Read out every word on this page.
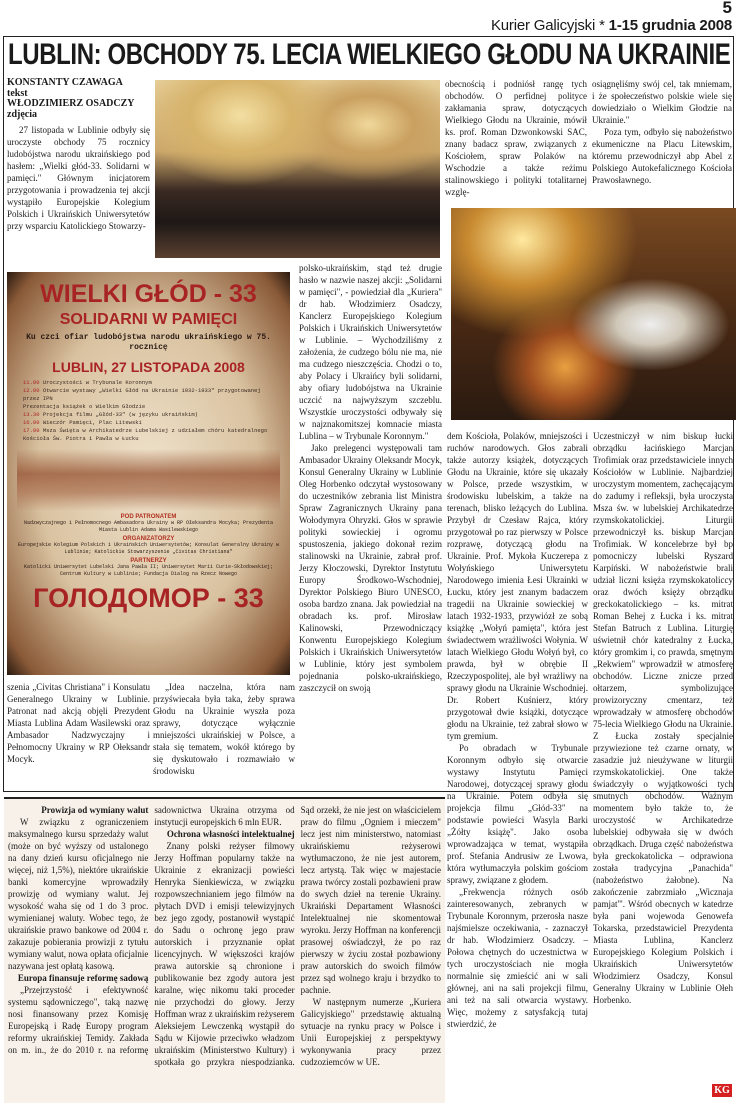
5
Kurier Galicyjski * 1-15 grudnia 2008
LUBLIN: OBCHODY 75. LECIA WIELKIEGO GŁODU NA UKRAINIE
KONSTANTY CZAWAGA
tekst
WŁODZIMIERZ OSADCZY
zdjęcia

27 listopada w Lublinie odbyły się uroczyste obchody 75 rocznicy ludobójstwa narodu ukraińskiego pod hasłem: „Wielki głód-33. Solidarni w pamięci." Głównym inicjatorem przygotowania i prowadzenia tej akcji wystąpiło Europejskie Kolegium Polskich i Ukraińskich Uniwersytetów przy wsparciu Katolickiego Stowarzy-

obecnością i podniósł rangę tych obchodów. O perfidnej polityce zakłamania spraw, dotyczących Wielkiego Głodu na Ukrainie, mówił ks. prof. Roman Dzwonkowski SAC, znany badacz spraw, związanych z Kościołem, spraw Polaków na Wschodzie a także reżimu stalinowskiego i polityki totalitarnej wzglę-

osiągnęliśmy swój cel, tak mniemam, i że społeczeństwo polskie wiele się dowiedziało o Wielkim Głodzie na Ukrainie."

Poza tym, odbyło się nabożeństwo ekumeniczne na Placu Litewskim, któremu przewodniczył abp Abel z Polskiego Autokefalicznego Kościoła Prawosławnego.

WIELKI GŁÓD - 33
SOLIDARNI W PAMIĘCI
Ku czci ofiar ludobójstwa narodu ukraińskiego w 75. rocznicę
LUBLIN, 27 LISTOPADA 2008
11.00 Uroczystości w Trybunale Koronnym
12.00 Otwarcie wystawy „Wielki Głód na Ukrainie 1932-1933" przygotowanej przez IPN
Prezentacja książek o Wielkim Głodzie
13.30 Projekcja filmu „Głód-33" (w języku ukraińskim)
16.00 Wieczór Pamięci, Plac Litewski
17.00 Msza Święta w Archikatedrze Lubelskiej z udziałem chóru katedralnego
Kościoła Św. Piotra i Pawła w Łucku
POD PATRONATEM
Nadzwyczajnego i Pełnomocnego Ambasadora Ukrainy w RP Ołeksandra Mocyka; Prezydenta Miasta Lublin Adama Wasilewskiego
ORGANIZATORZY
Europejskie Kolegium Polskich i Ukraińskich Uniwersytetów; Konsulat Generalny Ukrainy w Lublinie; Katolickie Stowarzyszenie „Civitas Christiana"
PARTNERZY
Katolicki Uniwersytet Lubelski Jana Pawła II; Uniwersytet Marii Curie-Skłodowskiej; Centrum Kultury w Lublinie; Fundacja Dialog na Rzecz Nowego
ГОЛОДОМОР - 33

polsko-ukraińskim, stąd też drugie hasło w nazwie naszej akcji: „Solidarni w pamięci", - powiedział dla „Kuriera" dr hab. Włodzimierz Osadczy, Kanclerz Europejskiego Kolegium Polskich i Ukraińskich Uniwersytetów w Lublinie. – Wychodziliśmy z założenia, że cudzego bólu nie ma, nie ma cudzego nieszczęścia. Chodzi o to, aby Polacy i Ukraińcy byli solidarni, aby ofiary ludobójstwa na Ukrainie uczcić na najwyższym szczeblu. Wszystkie uroczystości odbywały się w najznakomitszej komnacie miasta Lublina – w Trybunale Koronnym."

Jako prelegenci występowali tam Ambasador Ukrainy Oleksandr Mocyk, Konsul Generalny Ukrainy w Lublinie Oleg Horbenko odczytał wystosowany do uczestników zebrania list Ministra Spraw Zagranicznych Ukrainy pana Wołodymyra Ohryzki. Głos w sprawie polityki sowieckiej i ogromu spustoszenia, jakiego dokonał rezim stalinowski na Ukrainie, zabrał prof. Jerzy Kłoczowski, Dyrektor Instytutu Europy Środkowo-Wschodniej, Dyrektor Polskiego Biuro UNESCO, osoba bardzo znana. Jak powiedział na obradach ks. prof. Mirosław Kalinowski, Przewodniczący Konwentu Europejskiego Kolegium Polskich i Ukraińskich Uniwersytetów w Lublinie, który jest symbolem pojednania polsko-ukraińskiego, zaszczycił on swoją

szenia „Civitas Christiana" i Konsulatu Generalnego Ukrainy w Lublinie. Patronat nad akcją objęli Prezydent Miasta Lublina Adam Wasilewski oraz Ambasador Nadzwyczajny i Pełnomocny Ukrainy w RP Ołeksandr Mocyk.

„Idea naczelna, która nam przyświecała była taka, żeby sprawa Głodu na Ukrainie wyszła poza sprawy, dotyczące wyłącznie mniejszości ukraińskiej w Polsce, a stała się tematem, wokół którego by się dyskutowało i rozmawiało w środowisku

dem Kościoła, Polaków, mniejszości i ruchów narodowych. Głos zabrali także autorzy książek, dotyczących Głodu na Ukrainie, które się ukazały w Polsce, przede wszystkim, w środowisku lubelskim, a także na terenach, blisko leżących do Lublina. Przybył dr Czesław Rajca, który przygotował po raz pierwszy w Polsce rozprawę, dotyczącą głodu na Ukrainie. Prof. Mykoła Kuczerepa z Wołyńskiego Uniwersytetu Narodowego imienia Łesi Ukrainki w Łucku, który jest znanym badaczem tragedii na Ukrainie sowieckiej w latach 1932-1933, przywiózł ze sobą książkę „Wołyń pamięta", która jest świadectwem wrażliwości Wołynia. W latach Wielkiego Głodu Wołyń był, co prawda, był w obrębie II Rzeczypospolitej, ale był wrażliwy na sprawy głodu na Ukrainie Wschodniej. Dr. Robert Kuśnierz, który przygotował dwie książki, dotyczące głodu na Ukrainie, też zabrał słowo w tym gremium.

Po obradach w Trybunale Koronnym odbyło się otwarcie wystawy Instytutu Pamięci Narodowej, dotyczącej sprawy głodu na Ukrainie. Potem odbyła się projekcja filmu „Głód-33" na podstawie powieści Wasyla Barki „Żółty książę". Jako osoba wprowadzająca w temat, wystąpiła prof. Stefania Andrusiw ze Lwowa, która wytłumaczyła polskim gościom sprawy, związane z głodem.

„Frekwencja różnych osób zainteresowanych, zebranych w Trybunale Koronnym, przerosła nasze najśmielsze oczekiwania, - zaznaczył dr hab. Włodzimierz Osadczy. – Połowa chętnych do uczestnictwa w tych uroczystościach nie mogła normalnie się zmieścić ani w sali głównej, ani na sali projekcji filmu, ani też na sali otwarcia wystawy. Więc, możemy z satysfakcją tutaj stwierdzić, że

Uczestniczył w nim biskup łucki obrządku łacińskiego Marcjan Trofimiak oraz przedstawiciele innych Kościołów w Lublinie. Najbardziej uroczystym momentem, zachęcającym do zadumy i refleksji, była uroczysta Msza św. w lubelskiej Archikatedrze rzymskokatolickiej. Liturgii przewodniczył ks. biskup Marcjan Trofimiak. W koncelebrze był bp pomocniczy lubelski Ryszard Karpiński. W nabożeństwie brali udział liczni księża rzymskokatoliccy oraz dwóch księży obrządku greckokatolickiego – ks. mitrat Roman Behej z Łucka i ks. mitrat Stefan Batruch z Lublina. Liturgię uświetnił chór katedralny z Łucka, który gromkim i, co prawda, smętnym „Rekwiem" wprowadził w atmosferę obchodów. Liczne znicze przed ołtarzem, symbolizujące prowizoryczny cmentarz, też wprowadzały w atmosferę obchodów 75-lecia Wielkiego Głodu na Ukrainie. Z Łucka zostały specjalnie przywiezione też czarne ornaty, w zasadzie już nieużywane w liturgii rzymskokatolickiej. One także świadczyły o wyjątkowości tych smutnych obchodów. Ważnym momentem było także to, że uroczystość w Archikatedrze lubelskiej odbywała się w dwóch obrządkach. Druga część nabożeństwa była greckokatolicka – odprawiona została tradycyjna „Panachida" (nabożeństwo żałobne). Na zakończenie zabrzmiało „Wicznaja pamjat'". Wśród obecnych w katedrze była pani wojewoda Genowefa Tokarska, przedstawiciel Prezydenta Miasta Lublina, Kanclerz Europejskiego Kolegium Polskich i Ukraińskich Uniwersytetów Włodzimierz Osadczy, Konsul Generalny Ukrainy w Lublinie Ołeh Horbenko.

KG

Prowizja od wymiany walut

W związku z ograniczeniem maksymalnego kursu sprzedaży walut (może on być wyższy od ustalonego na dany dzień kursu oficjalnego nie więcej, niż 1,5%), niektóre ukraińskie banki komercyjne wprowadziły prowizję od wymiany walut. Jej wysokość waha się od 1 do 3 proc. wymienianej waluty. Wobec tego, że ukraińskie prawo bankowe od 2004 r. zakazuje pobierania prowizji z tytułu wymiany walut, nowa opłata oficjalnie nazywana jest opłatą kasową.

Europa finansuje reformę sadową

„Przejrzystość i efektywność systemu sądowniczego", taką nazwę nosi finansowany przez Komisję Europejską i Radę Europy program reformy ukraińskiej Temidy. Zakłada on m. in., że do 2010 r. na reformę sadownictwa Ukraina otrzyma od instytucji europejskich 6 mln EUR.

Ochrona własności intelektualnej

Znany polski reżyser filmowy Jerzy Hoffman popularny także na Ukrainie z ekranizacji powieści Henryka Sienkiewicza, w związku rozpowszechnianiem jego filmów na płytach DVD i emisji telewizyjnych bez jego zgody, postanowił wystąpić do Sadu o ochronę jego praw autorskich i przyznanie opłat licencyjnych. W większości krajów prawa autorskie są chronione i publikowanie bez zgody autora jest karalne, więc nikomu taki proceder nie przychodzi do głowy. Jerzy Hoffman wraz z ukraińskim reżyserem Aleksiejem Lewczenką wystąpił do Sądu w Kijowie przeciwko władzom ukraińskim (Ministerstwo Kultury) i spotkała go przykra niespodzianka. Sąd orzekł, że nie jest on właścicielem praw do filmu „Ogniem i mieczem" lecz jest nim ministerstwo, natomiast ukraińskiemu reżyserowi wytłumaczono, że nie jest autorem, lecz artystą. Tak więc w majestacie prawa twórcy zostali pozbawieni praw do swych dzieł na terenie Ukrainy. Ukraiński Departament Własności Intelektualnej nie skomentował wyroku. Jerzy Hoffman na konferencji prasowej oświadczył, że po raz pierwszy w życiu został pozbawiony praw autorskich do swoich filmów przez sąd wolnego kraju i brzydko to pachnie.

W następnym numerze „Kuriera Galicyjskiego" przedstawię aktualną sytuacje na rynku pracy w Polsce i Unii Europejskiej z perspektywy wykonywania pracy przez cudzoziemców w UE.
